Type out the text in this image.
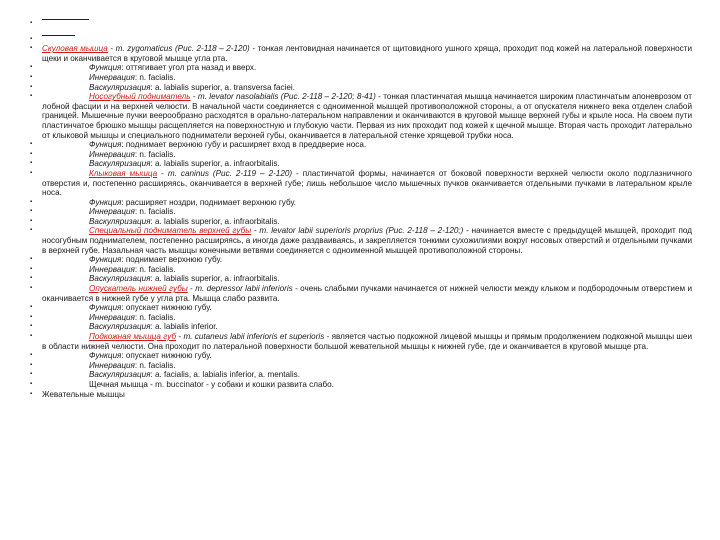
▪
▪
▪ Скуловая мышца - m. zygomaticus (Рис. 2-118 – 2-120) - тонкая лентовидная начинается от щитовидного ушного хряща, проходит под кожей на латеральной поверхности щеки и оканчивается в круговой мышце угла рта.
▪	Функция: оттягивает угол рта назад и вверх.
▪	Иннервация: n. facialis.
▪	Васкуляризация: a. labialis superior, a. transversa faciei.
▪	Носогубный подниматель - m. levator nasolabialis (Рис. 2-118 – 2-120; 8-41) - тонкая пластинчатая мышца начинается широким пластинчатым апоневрозом от лобной фасции и на верхней челюсти. В начальной части соединяется с одноименной мышцей противоположной стороны, а от опускателя нижнего века отделен слабой границей. Мышечные пучки веерообразно расходятся в орально-латеральном направлении и оканчиваются в круговой мышце верхней губы и крыле носа. На своем пути пластинчатое брюшко мышцы расщепляется на поверхностную и глубокую части. Первая из них проходит под кожей к щечной мышце. Вторая часть проходит латерально от клыковой мышцы и специального подниматели верхней губы, оканчивается в латеральной стенке хрящевой трубки носа.
▪	Функция: поднимает верхнюю губу и расширяет вход в преддверие носа.
▪	Иннервация: n. facialis.
▪	Васкуляризация: a. labialis superior, a. infraorbitalis.
▪	Клыковая мышца - m. caninus (Рис. 2-119 – 2-120) - пластинчатой формы, начинается от боковой поверхности верхней челюсти около подглазничного отверстия и, постепенно расширяясь, оканчивается в верхней губе; лишь небольшое число мышечных пучков оканчивается отдельными пучками в латеральном крыле носа.
▪	Функция: расширяет ноздри, поднимает верхнюю губу.
▪	Иннервация: n. facialis.
▪	Васкуляризация: a. labialis superior, a. infraorbitalis.
▪	Специальный подниматель верхней губы - m. levator labii superioris proprius (Рис. 2-118 – 2-120;) - начинается вместе с предыдущей мышцей, проходит под носогубным поднимателем, постепенно расширяясь, а иногда даже раздваиваясь, и закрепляется тонкими сухожилиями вокруг носовых отверстий и отдельными пучками в верхней губе. Назальная часть мышцы конечными ветвями соединяется с одноименной мышцей противоположной стороны.
▪	Функция: поднимает верхнюю губу.
▪	Иннервация: n. facialis.
▪	Васкуляризация: a. labialis superior, a. infraorbitalis.
▪	Опускатель нижней губы - m. depressor labii inferioris - очень слабыми пучками начинается от нижней челюсти между клыком и подбородочным отверстием и оканчивается в нижней губе у угла рта. Мышца слабо развита.
▪	Функция: опускает нижнюю губу.
▪	Иннервация: n. facialis.
▪	Васкуляризация: a. labialis inferior.
▪	Подкожная мышца губ - m. cutaneus labii inferioris et superioris - является частью подкожной лицевой мышцы и прямым продолжением подкожной мышцы шеи в области нижней челюсти. Она проходит по латеральной поверхности большой жевательной мышцы к нижней губе, где и оканчивается в круговой мышце рта.
▪	Функция: опускает нижнюю губу.
▪	Иннервация: n. facialis.
▪	Васкуляризация: a. facialis, a. labialis inferior, a. mentalis.
▪	Щечная мышца - m. buccinator - у собаки и кошки развита слабо.
▪ Жевательные мышцы
